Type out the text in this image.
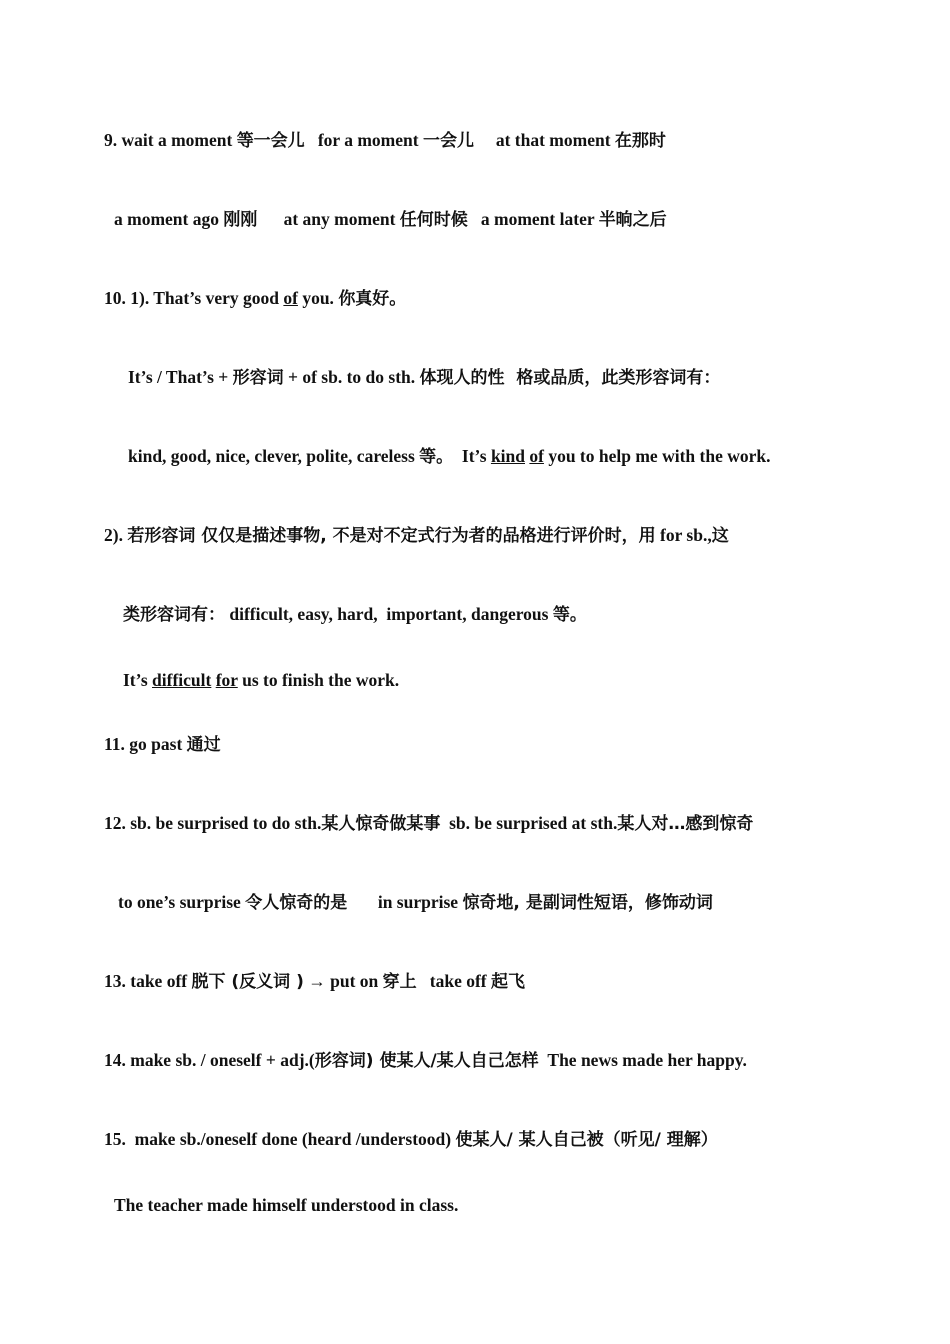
9. wait a moment 等一会儿   for a moment 一会儿     at that moment 在那时
a moment ago 刚刚      at any moment 任何时候   a moment later 半晌之后
10. 1). That’s very good of you. 你真好。
It’s / That’s + 形容词 + of sb. to do sth. 体现人的性  格或品质，此类形容词有：
kind, good, nice, clever, polite, careless 等。  It’s kind of you to help me with the work.
2). 若形容词 仅仅是描述事物, 不是对不定式行为者的品格进行评价时，用 for sb.,这
类形容词有： difficult, easy, hard,  important, dangerous 等。
It’s difficult for us to finish the work.
11. go past 通过
12. sb. be surprised to do sth.某人惊奇做某事  sb. be surprised at sth.某人对…感到惊奇
to one’s surprise 令人惊奇的是       in surprise 惊奇地, 是副词性短语，修饰动词
13. take off 脱下 (反义词 ) → put on 穿上   take off 起飞
14. make sb. / oneself + adj.(形容词) 使某人/某人自己怎样  The news made her happy.
15.  make sb./oneself done (heard /understood) 使某人/ 某人自己被（听见/ 理解）
The teacher made himself understood in class.
